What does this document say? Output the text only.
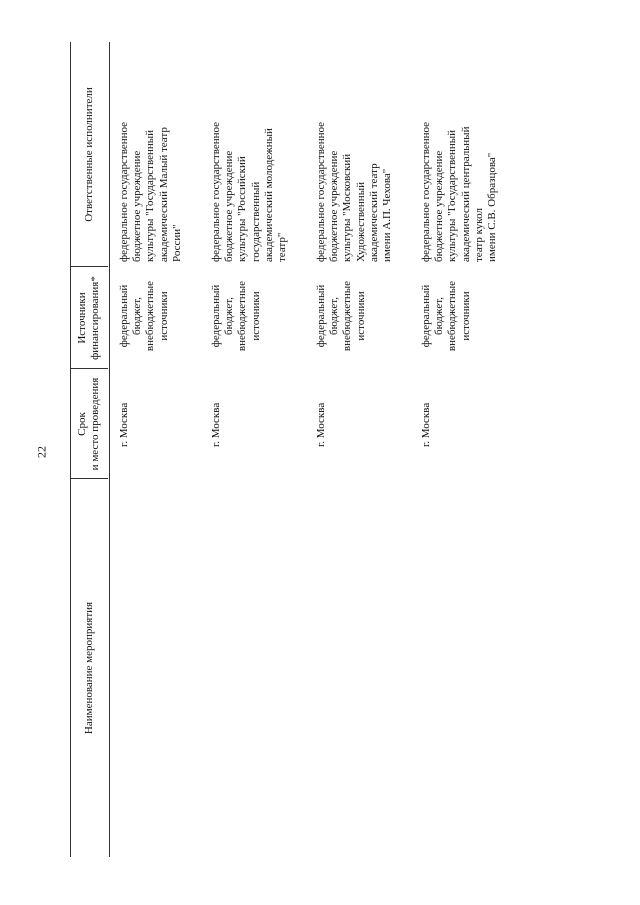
22
Наименование мероприятия
Срок
и место проведения
Источники
финансирования*
Ответственные исполнители
г. Москва
федеральный
бюджет,
внебюджетные
источники
федеральное государственное
бюджетное учреждение
культуры "Государственный
академический Малый театр
России"
г. Москва
федеральный
бюджет,
внебюджетные
источники
федеральное государственное
бюджетное учреждение
культуры "Российский
государственный
академический молодежный
театр"
г. Москва
федеральный
бюджет,
внебюджетные
источники
федеральное государственное
бюджетное учреждение
культуры "Московский
Художественный
академический театр
имени А.П. Чехова"
г. Москва
федеральный
бюджет,
внебюджетные
источники
федеральное государственное
бюджетное учреждение
культуры "Государственный
академический центральный
театр кукол
имени С.В. Образцова"
